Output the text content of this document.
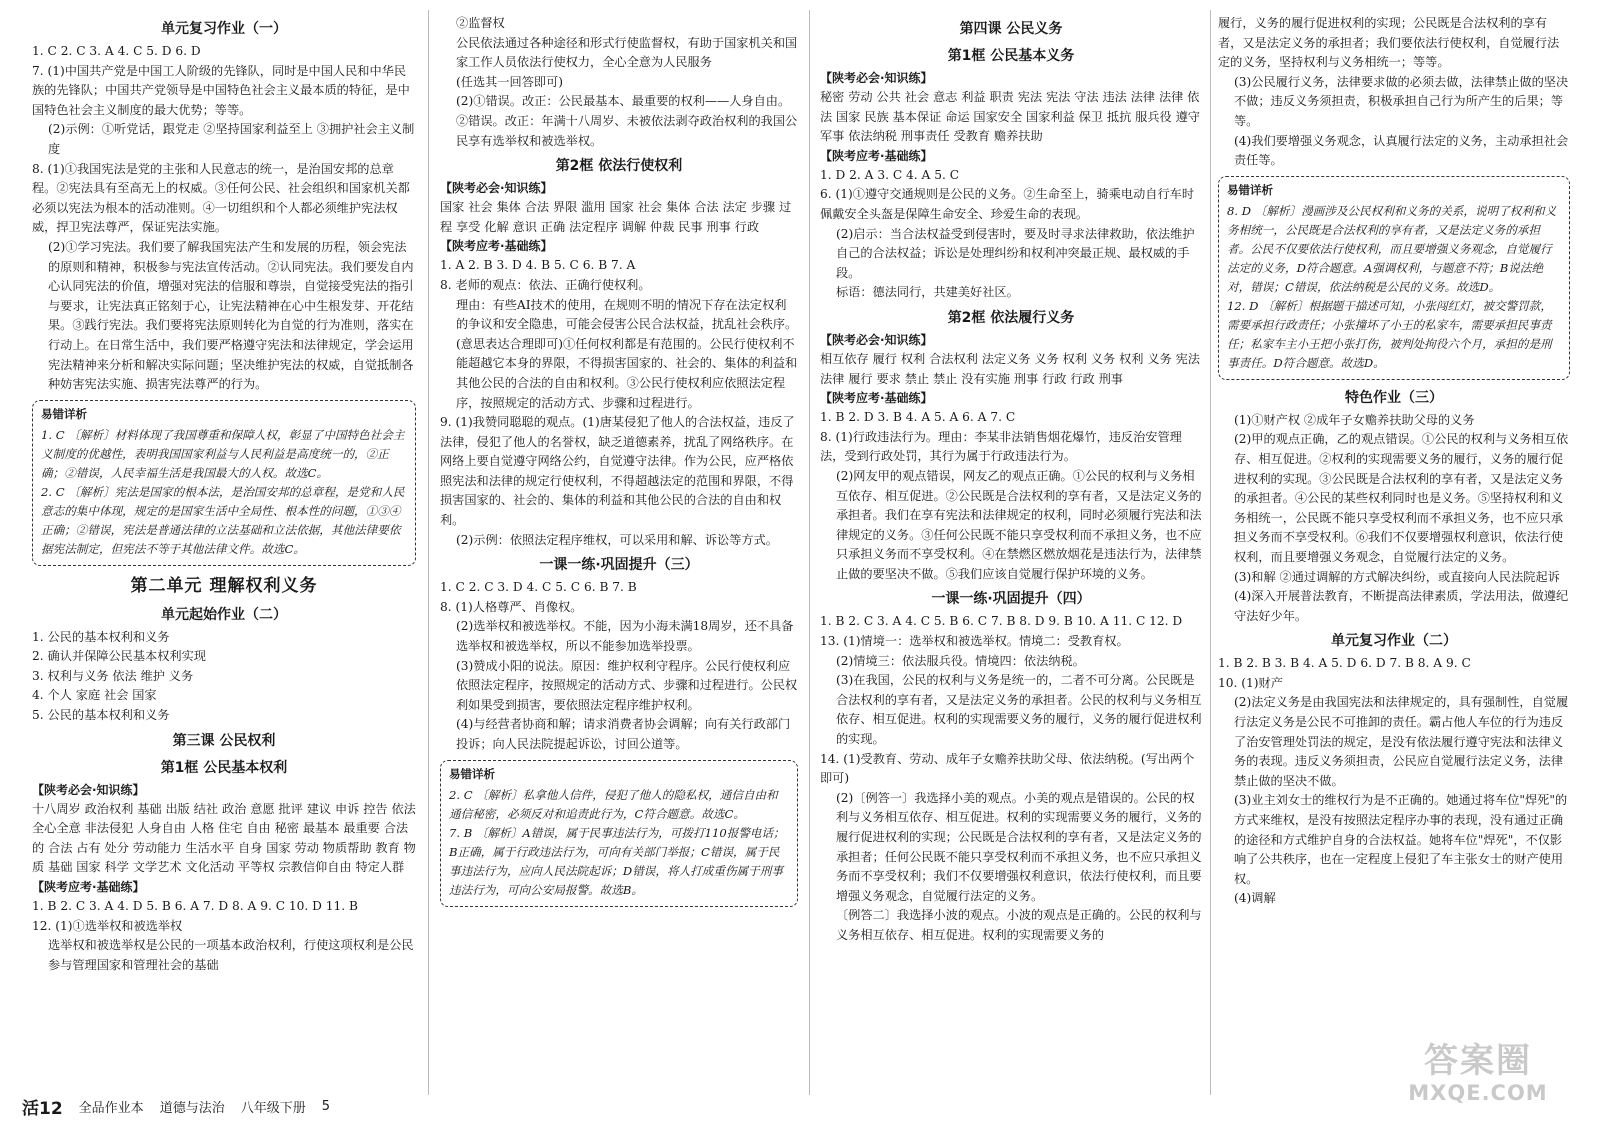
单元复习作业（一）

1. C 2. C 3. A 4. C 5. D 6. D

7. (1)中国共产党是中国工人阶级的先锋队，同时是中国人民和中华民族的先锋队；中国共产党领导是中国特色社会主义最本质的特征，是中国特色社会主义制度的最大优势；等等。

(2)示例：①听党话，跟党走 ②坚持国家利益至上 ③拥护社会主义制度

8. (1)①我国宪法是党的主张和人民意志的统一，是治国安邦的总章程。②宪法具有至高无上的权威。③任何公民、社会组织和国家机关都必须以宪法为根本的活动准则。④一切组织和个人都必须维护宪法权威，捍卫宪法尊严，保证宪法实施。

(2)①学习宪法。我们要了解我国宪法产生和发展的历程，领会宪法的原则和精神，积极参与宪法宣传活动。②认同宪法。我们要发自内心认同宪法的价值，增强对宪法的信服和尊崇，自觉接受宪法的指引与要求，让宪法真正铭刻于心，让宪法精神在心中生根发芽、开花结果。③践行宪法。我们要将宪法原则转化为自觉的行为准则，落实在行动上。在日常生活中，我们要严格遵守宪法和法律规定，学会运用宪法精神来分析和解决实际问题；坚决维护宪法的权威，自觉抵制各种妨害宪法实施、损害宪法尊严的行为。

易错详析

1. C 〔解析〕材料体现了我国尊重和保障人权，彰显了中国特色社会主义制度的优越性，表明我国国家利益与人民利益是高度统一的，②正确；②错误，人民幸福生活是我国最大的人权。故选C。

2. C 〔解析〕宪法是国家的根本法，是治国安邦的总章程，是党和人民意志的集中体现，规定的是国家生活中全局性、根本性的问题，①③④正确；②错误，宪法是普通法律的立法基础和立法依据，其他法律要依据宪法制定，但宪法不等于其他法律文件。故选C。

第二单元 理解权利义务
单元起始作业（二）

1. 公民的基本权利和义务

2. 确认并保障公民基本权利实现

3. 权利与义务 依法 维护 义务

4. 个人 家庭 社会 国家

5. 公民的基本权利和义务

第三课 公民权利
第1框 公民基本权利
【陕考必会·知识练】

十八周岁 政治权利 基础 出版 结社 政治 意愿 批评 建议 申诉 控告 依法 全心全意 非法侵犯 人身自由 人格 住宅 自由 秘密 最基本 最重要 合法的 合法 占有 处分 劳动能力 生活水平 自身 国家 劳动 物质帮助 教育 物质 基础 国家 科学 文学艺术 文化活动 平等权 宗教信仰自由 特定人群

【陕考应考·基础练】

1. B 2. C 3. A 4. D 5. B 6. A 7. D 8. A 9. C 10. D 11. B

12. (1)①选举权和被选举权

选举权和被选举权是公民的一项基本政治权利，行使这项权利是公民参与管理国家和管理社会的基础

②监督权

公民依法通过各种途径和形式行使监督权，有助于国家机关和国家工作人员依法行使权力，全心全意为人民服务

(任选其一回答即可)

(2)①错误。改正：公民最基本、最重要的权利——人身自由。

②错误。改正：年满十八周岁、未被依法剥夺政治权利的我国公民享有选举权和被选举权。

第2框 依法行使权利
【陕考必会·知识练】

国家 社会 集体 合法 界限 滥用 国家 社会 集体 合法 法定 步骤 过程 享受 化解 意识 正确 法定程序 调解 仲裁 民事 刑事 行政

【陕考应考·基础练】

1. A 2. B 3. D 4. B 5. C 6. B 7. A

8. 老师的观点：依法、正确行使权利。

理由：有些AI技术的使用，在规则不明的情况下存在法定权利的争议和安全隐患，可能会侵害公民合法权益，扰乱社会秩序。(意思表达合理即可)①任何权利都是有范围的。公民行使权利不能超越它本身的界限，不得损害国家的、社会的、集体的利益和其他公民的合法的自由和权利。③公民行使权利应依照法定程序，按照规定的活动方式、步骤和过程进行。

9. (1)我赞同聪聪的观点。(1)唐某侵犯了他人的合法权益，违反了法律，侵犯了他人的名誉权，缺乏道德素养，扰乱了网络秩序。在网络上要自觉遵守网络公约，自觉遵守法律。作为公民，应严格依照宪法和法律的规定行使权利，不得超越法定的范围和界限，不得损害国家的、社会的、集体的利益和其他公民的合法的自由和权利。

(2)示例：依照法定程序维权，可以采用和解、诉讼等方式。

一课一练·巩固提升（三）

1. C 2. C 3. D 4. C 5. C 6. B 7. B

8. (1)人格尊严、肖像权。

(2)选举权和被选举权。不能，因为小海未满18周岁，还不具备选举权和被选举权，所以不能参加选举投票。

(3)赞成小阳的说法。原因：维护权利守程序。公民行使权利应依照法定程序，按照规定的活动方式、步骤和过程进行。公民权利如果受到损害，要依照法定程序维护权利。

(4)与经营者协商和解；请求消费者协会调解；向有关行政部门投诉；向人民法院提起诉讼，讨回公道等。

易错详析

2. C 〔解析〕私拿他人信件，侵犯了他人的隐私权，通信自由和通信秘密，必须反对和追责此行为，C符合题意。故选C。

7. B 〔解析〕A错误，属于民事违法行为，可拨打110报警电话；B正确，属于行政违法行为，可向有关部门举报；C错误，属于民事违法行为，应向人民法院起诉；D错误，将人打成重伤属于刑事违法行为，可向公安局报警。故选B。

第四课 公民义务
第1框 公民基本义务
【陕考必会·知识练】

秘密 劳动 公共 社会 意志 利益 职责 宪法 宪法 守法 违法 法律 法律 依法 国家 民族 基本保证 命运 国家安全 国家利益 保卫 抵抗 服兵役 遵守 军事 依法纳税 刑事责任 受教育 赡养扶助

【陕考应考·基础练】

1. D 2. A 3. C 4. A 5. C

6. (1)①遵守交通规则是公民的义务。②生命至上，骑乘电动自行车时佩戴安全头盔是保障生命安全、珍爱生命的表现。

(2)启示：当合法权益受到侵害时，要及时寻求法律救助，依法维护自己的合法权益；诉讼是处理纠纷和权利冲突最正规、最权威的手段。

标语：德法同行，共建美好社区。

第2框 依法履行义务
【陕考必会·知识练】

相互依存 履行 权利 合法权利 法定义务 义务 权利 义务 权利 义务 宪法 法律 履行 要求 禁止 禁止 没有实施 刑事 行政 行政 刑事

【陕考应考·基础练】

1. B 2. D 3. B 4. A 5. A 6. A 7. C

8. (1)行政违法行为。理由：李某非法销售烟花爆竹，违反治安管理法，受到行政处罚，其行为属于行政违法行为。

(2)网友甲的观点错误，网友乙的观点正确。①公民的权利与义务相互依存、相互促进。②公民既是合法权利的享有者，又是法定义务的承担者。我们在享有宪法和法律规定的权利，同时必须履行宪法和法律规定的义务。③任何公民既不能只享受权利而不承担义务，也不应只承担义务而不享受权利。④在禁燃区燃放烟花是违法行为，法律禁止做的要坚决不做。⑤我们应该自觉履行保护环境的义务。

一课一练·巩固提升（四）

1. B 2. C 3. A 4. C 5. B 6. C 7. B 8. D 9. B 10. A 11. C 12. D

13. (1)情境一：选举权和被选举权。情境二：受教育权。

(2)情境三：依法服兵役。情境四：依法纳税。

(3)在我国，公民的权利与义务是统一的，二者不可分离。公民既是合法权利的享有者，又是法定义务的承担者。公民的权利与义务相互依存、相互促进。权利的实现需要义务的履行，义务的履行促进权利的实现。

14. (1)受教育、劳动、成年子女赡养扶助父母、依法纳税。(写出两个即可)

(2)〔例答一〕我选择小美的观点。小美的观点是错误的。公民的权利与义务相互依存、相互促进。权利的实现需要义务的履行，义务的履行促进权利的实现；公民既是合法权利的享有者，又是法定义务的承担者；任何公民既不能只享受权利而不承担义务，也不应只承担义务而不享受权利；我们不仅要增强权利意识，依法行使权利，而且要增强义务观念，自觉履行法定的义务。

〔例答二〕我选择小波的观点。小波的观点是正确的。公民的权利与义务相互依存、相互促进。权利的实现需要义务的

履行，义务的履行促进权利的实现；公民既是合法权利的享有者，又是法定义务的承担者；我们要依法行使权利，自觉履行法定的义务，坚持权利与义务相统一；等等。

(3)公民履行义务，法律要求做的必须去做，法律禁止做的坚决不做；违反义务须担责，积极承担自己行为所产生的后果；等等。

(4)我们要增强义务观念，认真履行法定的义务，主动承担社会责任等。

易错详析

8. D 〔解析〕漫画涉及公民权利和义务的关系，说明了权利和义务相统一，公民既是合法权利的享有者，又是法定义务的承担者。公民不仅要依法行使权利，而且要增强义务观念，自觉履行法定的义务，D符合题意。A强调权利，与题意不符；B说法绝对，错误；C错误，依法纳税是公民的义务。故选D。

12. D 〔解析〕根据题干描述可知，小张闯红灯，被交警罚款，需要承担行政责任；小张撞坏了小王的私家车，需要承担民事责任；私家车主小王把小张打伤，被判处拘役六个月，承担的是刑事责任。D符合题意。故选D。

特色作业（三）

(1)①财产权 ②成年子女赡养扶助父母的义务

(2)甲的观点正确，乙的观点错误。①公民的权利与义务相互依存、相互促进。②权利的实现需要义务的履行，义务的履行促进权利的实现。③公民既是合法权利的享有者，又是法定义务的承担者。④公民的某些权利同时也是义务。⑤坚持权利和义务相统一，公民既不能只享受权利而不承担义务，也不应只承担义务而不享受权利。⑥我们不仅要增强权利意识，依法行使权利，而且要增强义务观念，自觉履行法定的义务。

(3)和解 ②通过调解的方式解决纠纷，或直接向人民法院起诉

(4)深入开展普法教育，不断提高法律素质，学法用法，做遵纪守法好少年。

单元复习作业（二）

1. B 2. B 3. B 4. A 5. D 6. D 7. B 8. A 9. C

10. (1)财产

(2)法定义务是由我国宪法和法律规定的，具有强制性，自觉履行法定义务是公民不可推卸的责任。霸占他人车位的行为违反了治安管理处罚法的规定，是没有依法履行遵守宪法和法律义务的表现。违反义务须担责，公民应自觉履行法定义务，法律禁止做的坚决不做。

(3)业主刘女士的维权行为是不正确的。她通过将车位"焊死"的方式来维权，是没有按照法定程序办事的表现，没有通过正确的途径和方式维护自身的合法权益。她将车位"焊死"，不仅影响了公共秩序，也在一定程度上侵犯了车主张女士的财产使用权。

(4)调解

活12 全品作业本 道德与法治 八年级下册 5
答案圈
MXQE.COM
